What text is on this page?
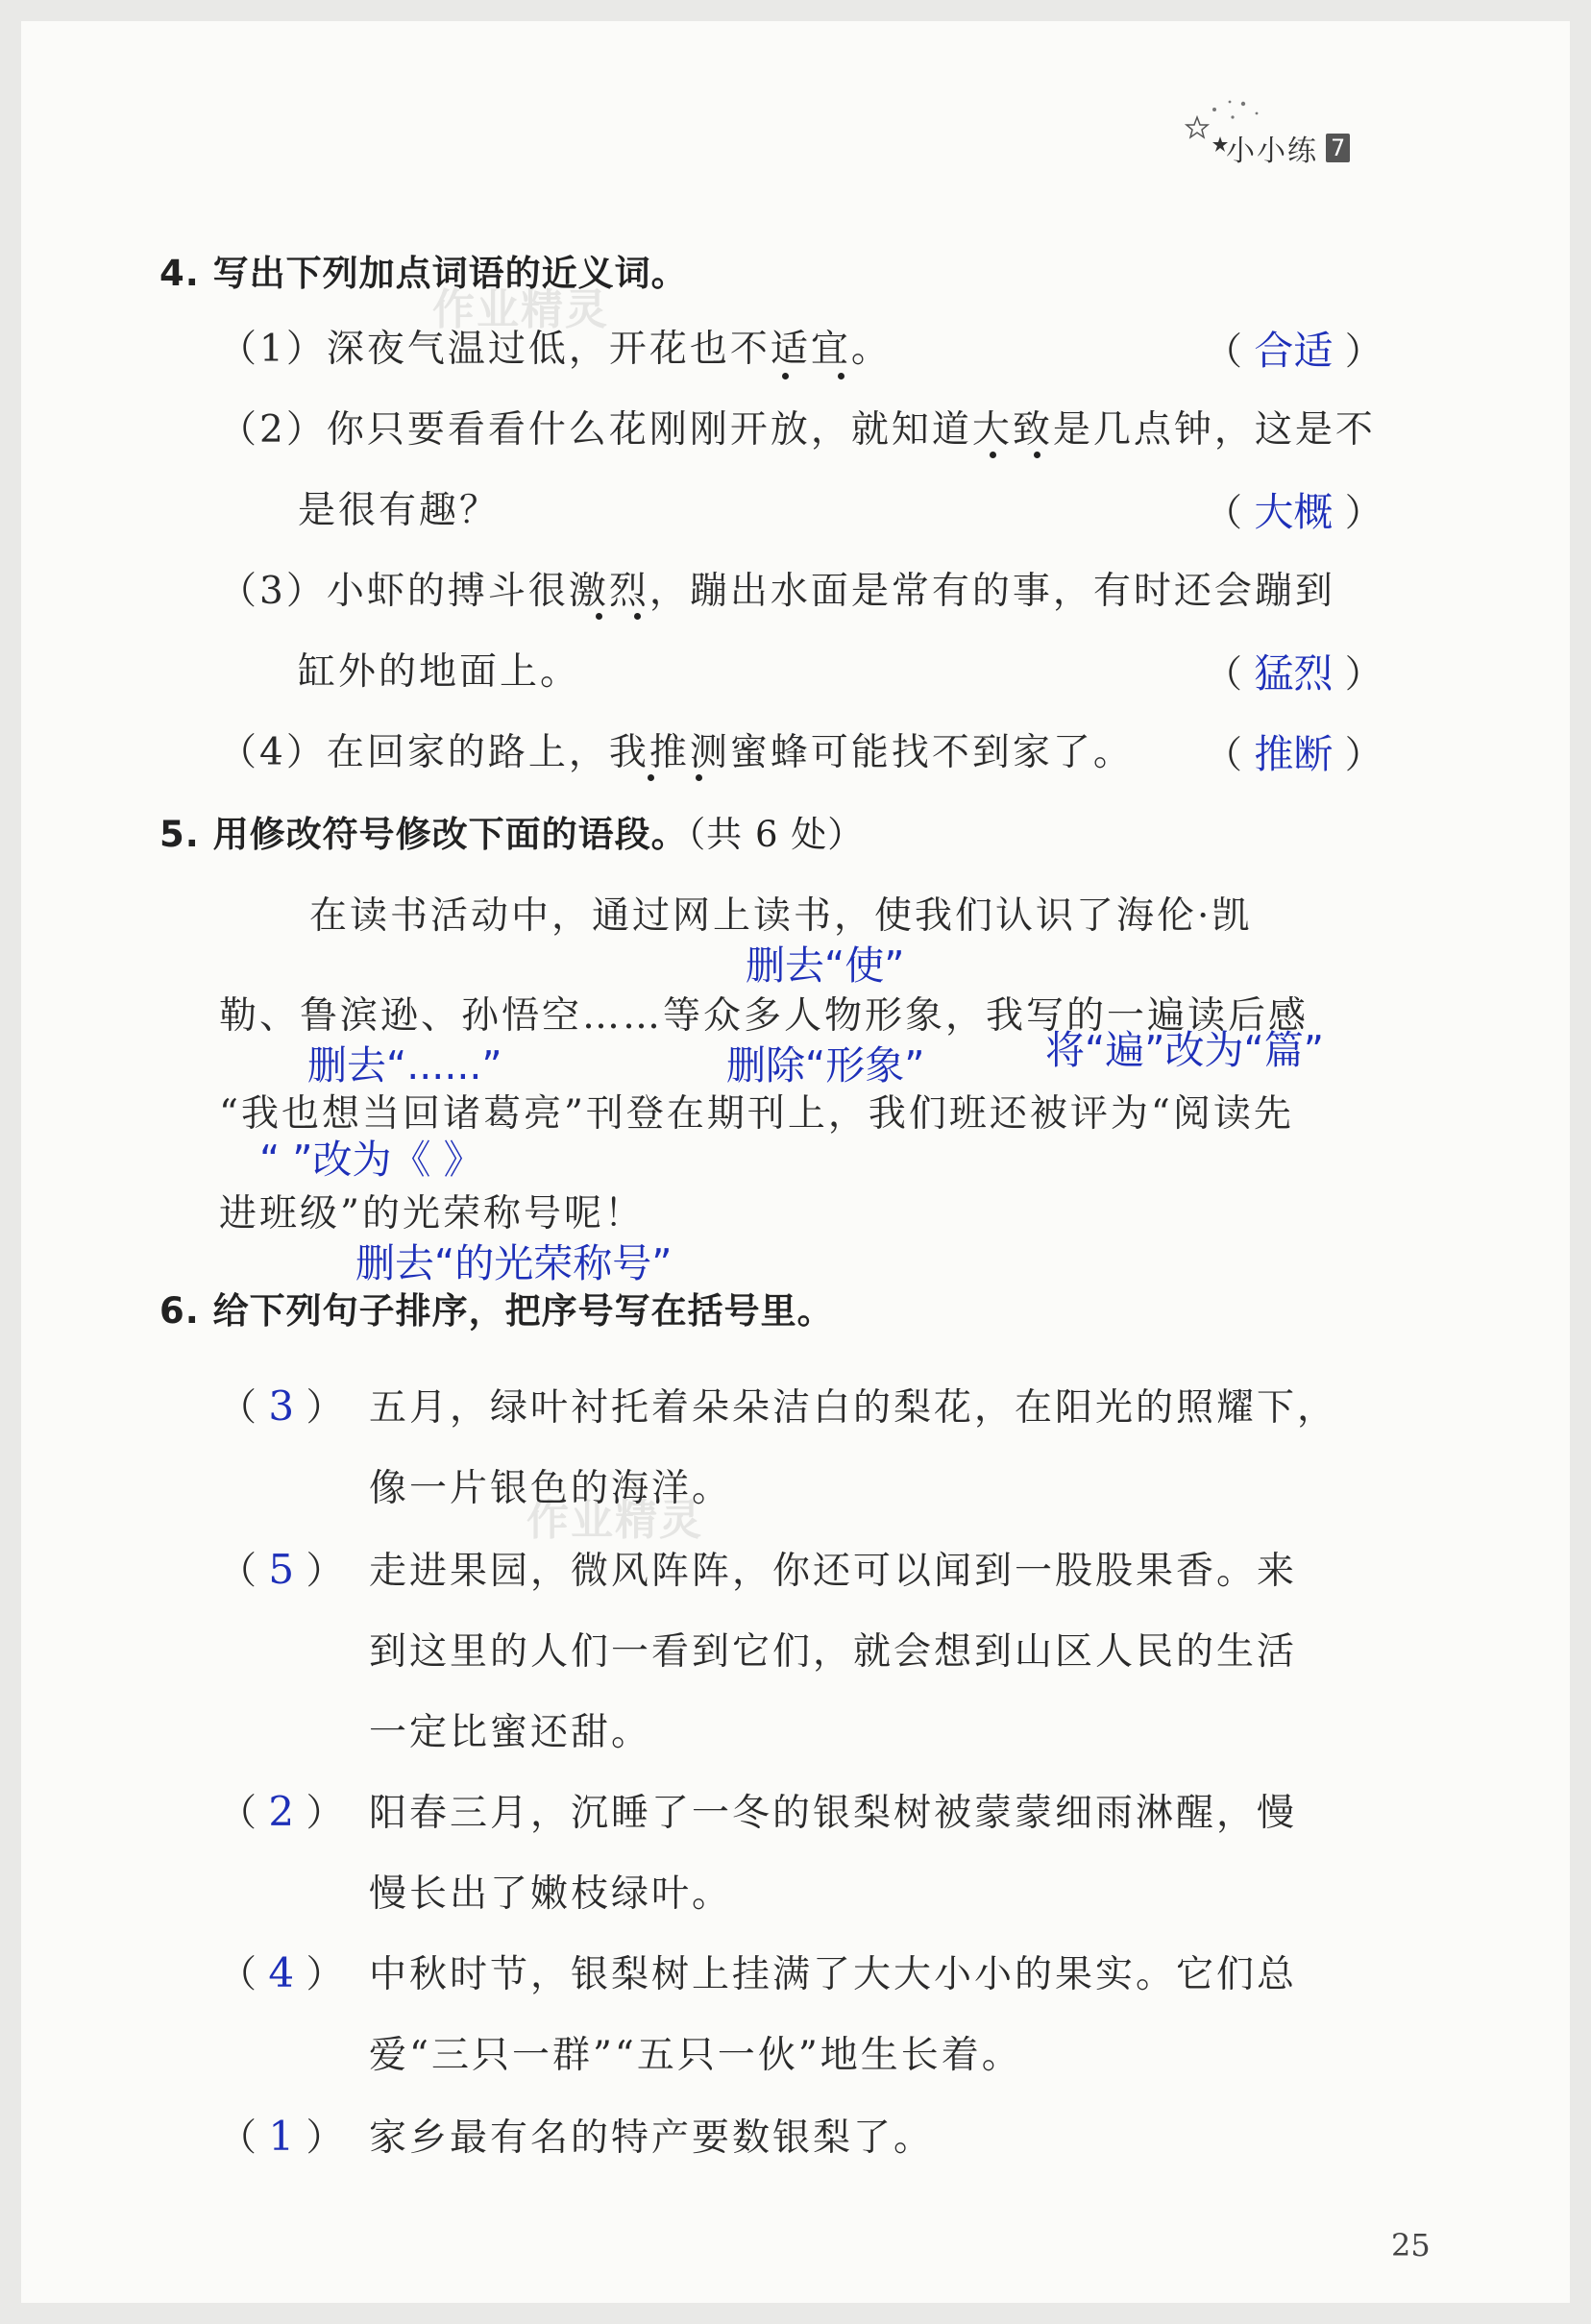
小小练 7
作业精灵
作业精灵
4. 写出下列加点词语的近义词。
（1）深夜气温过低，开花也不适宜。	（ 合适 ）
（2）你只要看看什么花刚刚开放，就知道大致是几点钟，这是不
是很有趣？	（ 大概 ）
（3）小虾的搏斗很激烈，蹦出水面是常有的事，有时还会蹦到
缸外的地面上。	（ 猛烈 ）
（4）在回家的路上，我推测蜜蜂可能找不到家了。 （ 推断 ）
5. 用修改符号修改下面的语段。（共 6 处）
在读书活动中，通过网上读书，使我们认识了海伦·凯
删去“使”
勒、鲁滨逊、孙悟空……等众多人物形象，我写的一遍读后感
删去“......”	删除“形象”	将“遍”改为“篇”
“我也想当回诸葛亮”刊登在期刊上，我们班还被评为“阅读先
“ ”改为《 》
进班级”的光荣称号呢！
删去“的光荣称号”
6. 给下列句子排序，把序号写在括号里。
（ 3 ） 五月，绿叶衬托着朵朵洁白的梨花，在阳光的照耀下，
像一片银色的海洋。
（ 5 ） 走进果园，微风阵阵，你还可以闻到一股股果香。来
到这里的人们一看到它们，就会想到山区人民的生活
一定比蜜还甜。
（ 2 ） 阳春三月，沉睡了一冬的银梨树被蒙蒙细雨淋醒，慢
慢长出了嫩枝绿叶。
（ 4 ） 中秋时节，银梨树上挂满了大大小小的果实。它们总
爱“三只一群”“五只一伙”地生长着。
（ 1 ） 家乡最有名的特产要数银梨了。
25
